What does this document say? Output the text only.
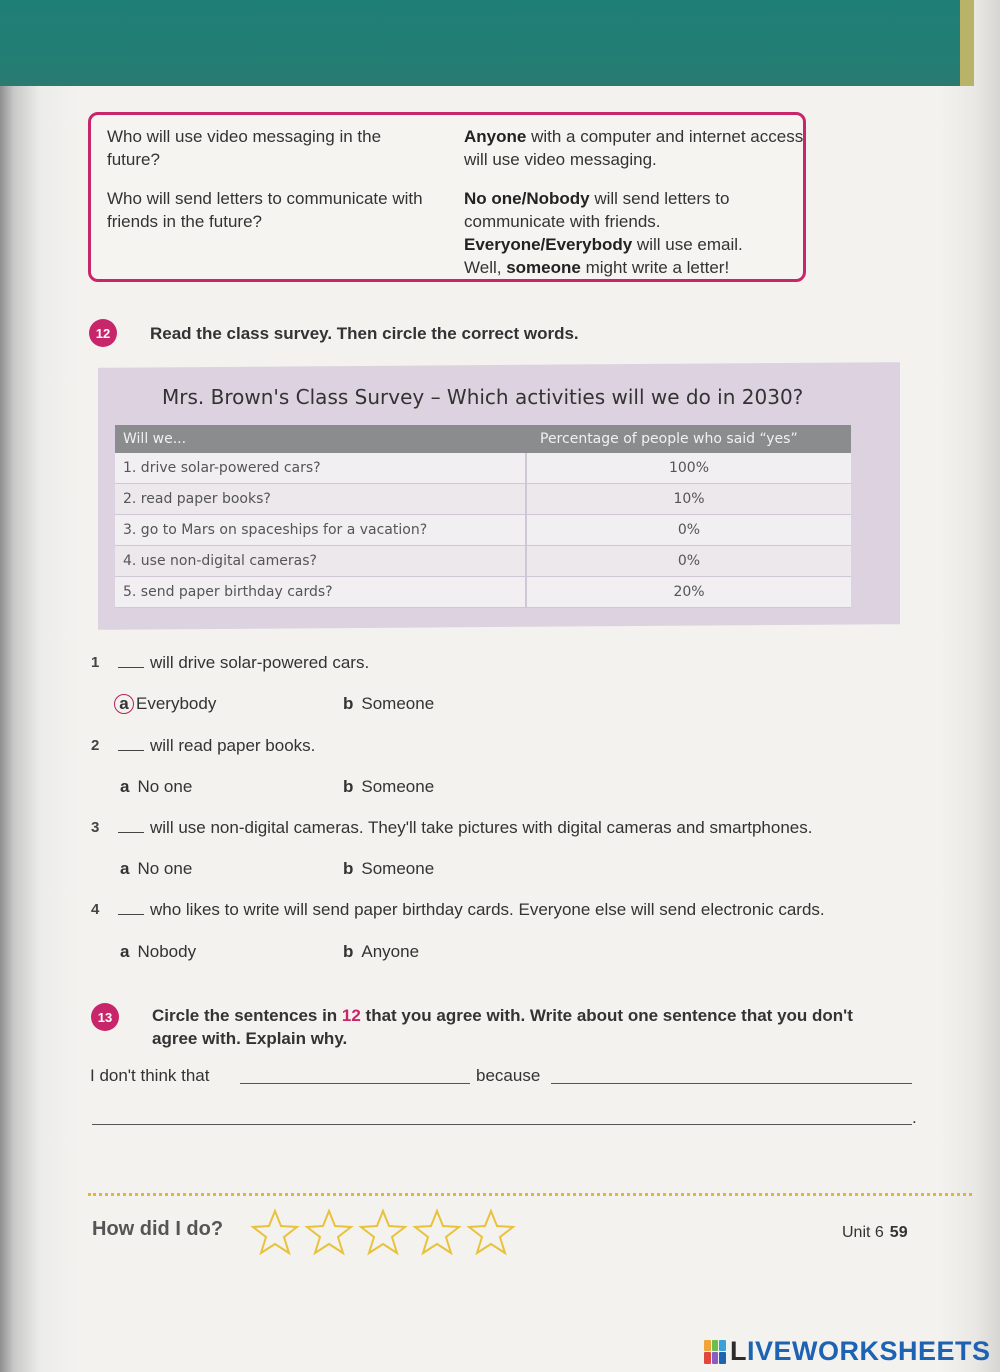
Who will use video messaging in the future?
Anyone with a computer and internet access will use video messaging.
Who will send letters to communicate with friends in the future?
No one/Nobody will send letters to communicate with friends.
Everyone/Everybody will use email.
Well, someone might write a letter!
12	Read the class survey. Then circle the correct words.
Mrs. Brown's Class Survey – Which activities will we do in 2030?
Will we...	Percentage of people who said “yes”
1. drive solar-powered cars?	100%
2. read paper books?	10%
3. go to Mars on spaceships for a vacation?	0%
4. use non-digital cameras?	0%
5. send paper birthday cards?	20%
1	will drive solar-powered cars.
a Everybody	b Someone
2	will read paper books.
a No one	b Someone
3	will use non-digital cameras. They'll take pictures with digital cameras and smartphones.
a No one	b Someone
4	who likes to write will send paper birthday cards. Everyone else will send electronic cards.
a Nobody	b Anyone
13	Circle the sentences in 12 that you agree with. Write about one sentence that you don't agree with. Explain why.
I don't think that	because
.
How did I do?	Unit 6 59
LIVEWORKSHEETS
